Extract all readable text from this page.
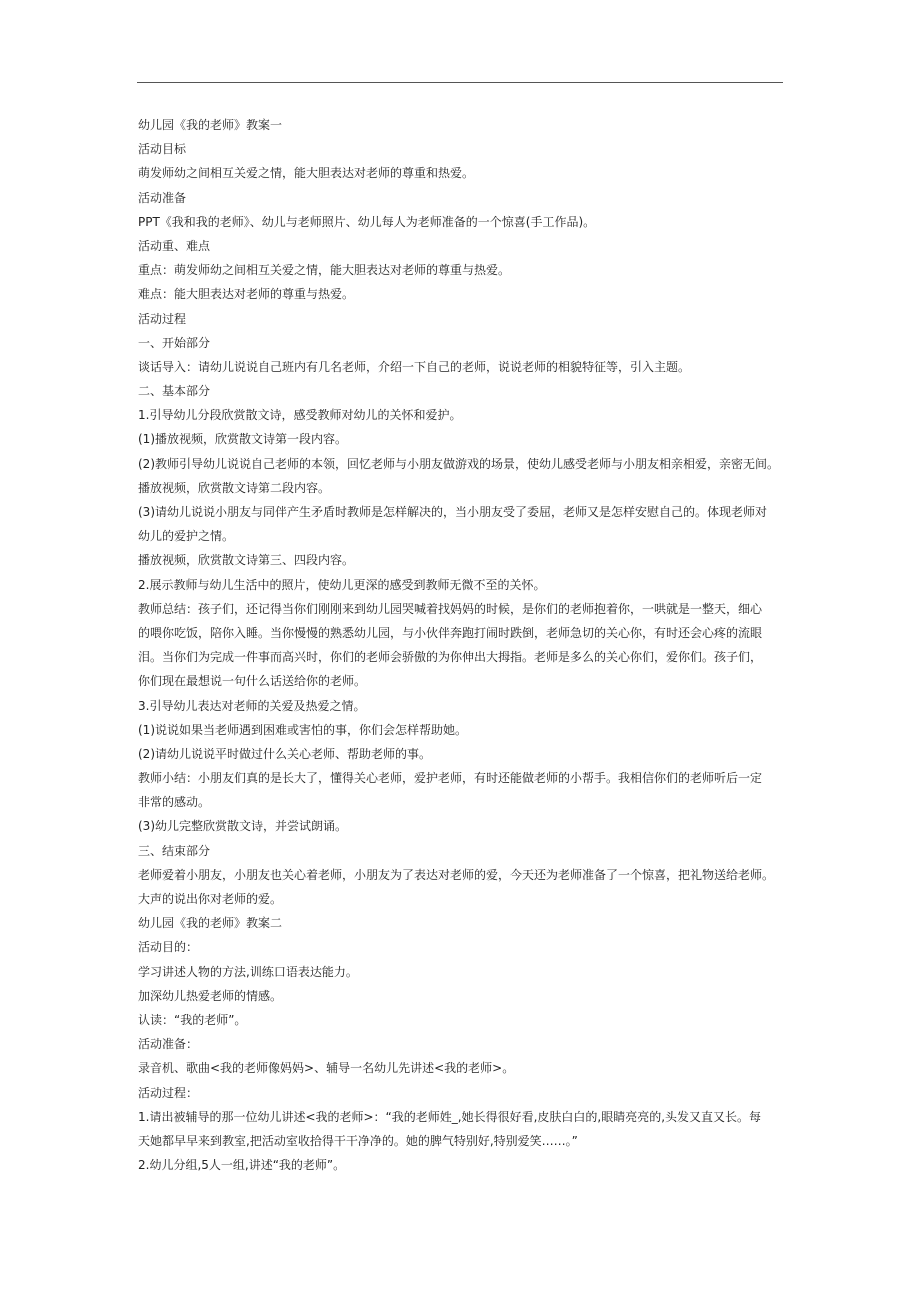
幼儿园《我的老师》教案一
活动目标
萌发师幼之间相互关爱之情，能大胆表达对老师的尊重和热爱。
活动准备
PPT《我和我的老师》、幼儿与老师照片、幼儿每人为老师准备的一个惊喜(手工作品)。
活动重、难点
重点：萌发师幼之间相互关爱之情，能大胆表达对老师的尊重与热爱。
难点：能大胆表达对老师的尊重与热爱。
活动过程
一、开始部分
谈话导入：请幼儿说说自己班内有几名老师，介绍一下自己的老师，说说老师的相貌特征等，引入主题。
二、基本部分
1.引导幼儿分段欣赏散文诗，感受教师对幼儿的关怀和爱护。
(1)播放视频，欣赏散文诗第一段内容。
(2)教师引导幼儿说说自己老师的本领，回忆老师与小朋友做游戏的场景，使幼儿感受老师与小朋友相亲相爱，亲密无间。
播放视频，欣赏散文诗第二段内容。
(3)请幼儿说说小朋友与同伴产生矛盾时教师是怎样解决的，当小朋友受了委屈，老师又是怎样安慰自己的。体现老师对
幼儿的爱护之情。
播放视频，欣赏散文诗第三、四段内容。
2.展示教师与幼儿生活中的照片，使幼儿更深的感受到教师无微不至的关怀。
教师总结：孩子们，还记得当你们刚刚来到幼儿园哭喊着找妈妈的时候，是你们的老师抱着你，一哄就是一整天，细心
的喂你吃饭，陪你入睡。当你慢慢的熟悉幼儿园，与小伙伴奔跑打闹时跌倒，老师急切的关心你，有时还会心疼的流眼
泪。当你们为完成一件事而高兴时，你们的老师会骄傲的为你伸出大拇指。老师是多么的关心你们，爱你们。孩子们，
你们现在最想说一句什么话送给你的老师。
3.引导幼儿表达对老师的关爱及热爱之情。
(1)说说如果当老师遇到困难或害怕的事，你们会怎样帮助她。
(2)请幼儿说说平时做过什么关心老师、帮助老师的事。
教师小结：小朋友们真的是长大了，懂得关心老师，爱护老师，有时还能做老师的小帮手。我相信你们的老师听后一定
非常的感动。
(3)幼儿完整欣赏散文诗，并尝试朗诵。
三、结束部分
老师爱着小朋友，小朋友也关心着老师，小朋友为了表达对老师的爱，今天还为老师准备了一个惊喜，把礼物送给老师。
大声的说出你对老师的爱。
幼儿园《我的老师》教案二
活动目的：
学习讲述人物的方法,训练口语表达能力。
加深幼儿热爱老师的情感。
认读：“我的老师”。
活动准备：
录音机、歌曲<我的老师像妈妈>、辅导一名幼儿先讲述<我的老师>。
活动过程：
1.请出被辅导的那一位幼儿讲述<我的老师>：“我的老师姓_,她长得很好看,皮肤白白的,眼睛亮亮的,头发又直又长。每
天她都早早来到教室,把活动室收拾得干干净净的。她的脾气特别好,特别爱笑……。”
2.幼儿分组,5人一组,讲述“我的老师”。
